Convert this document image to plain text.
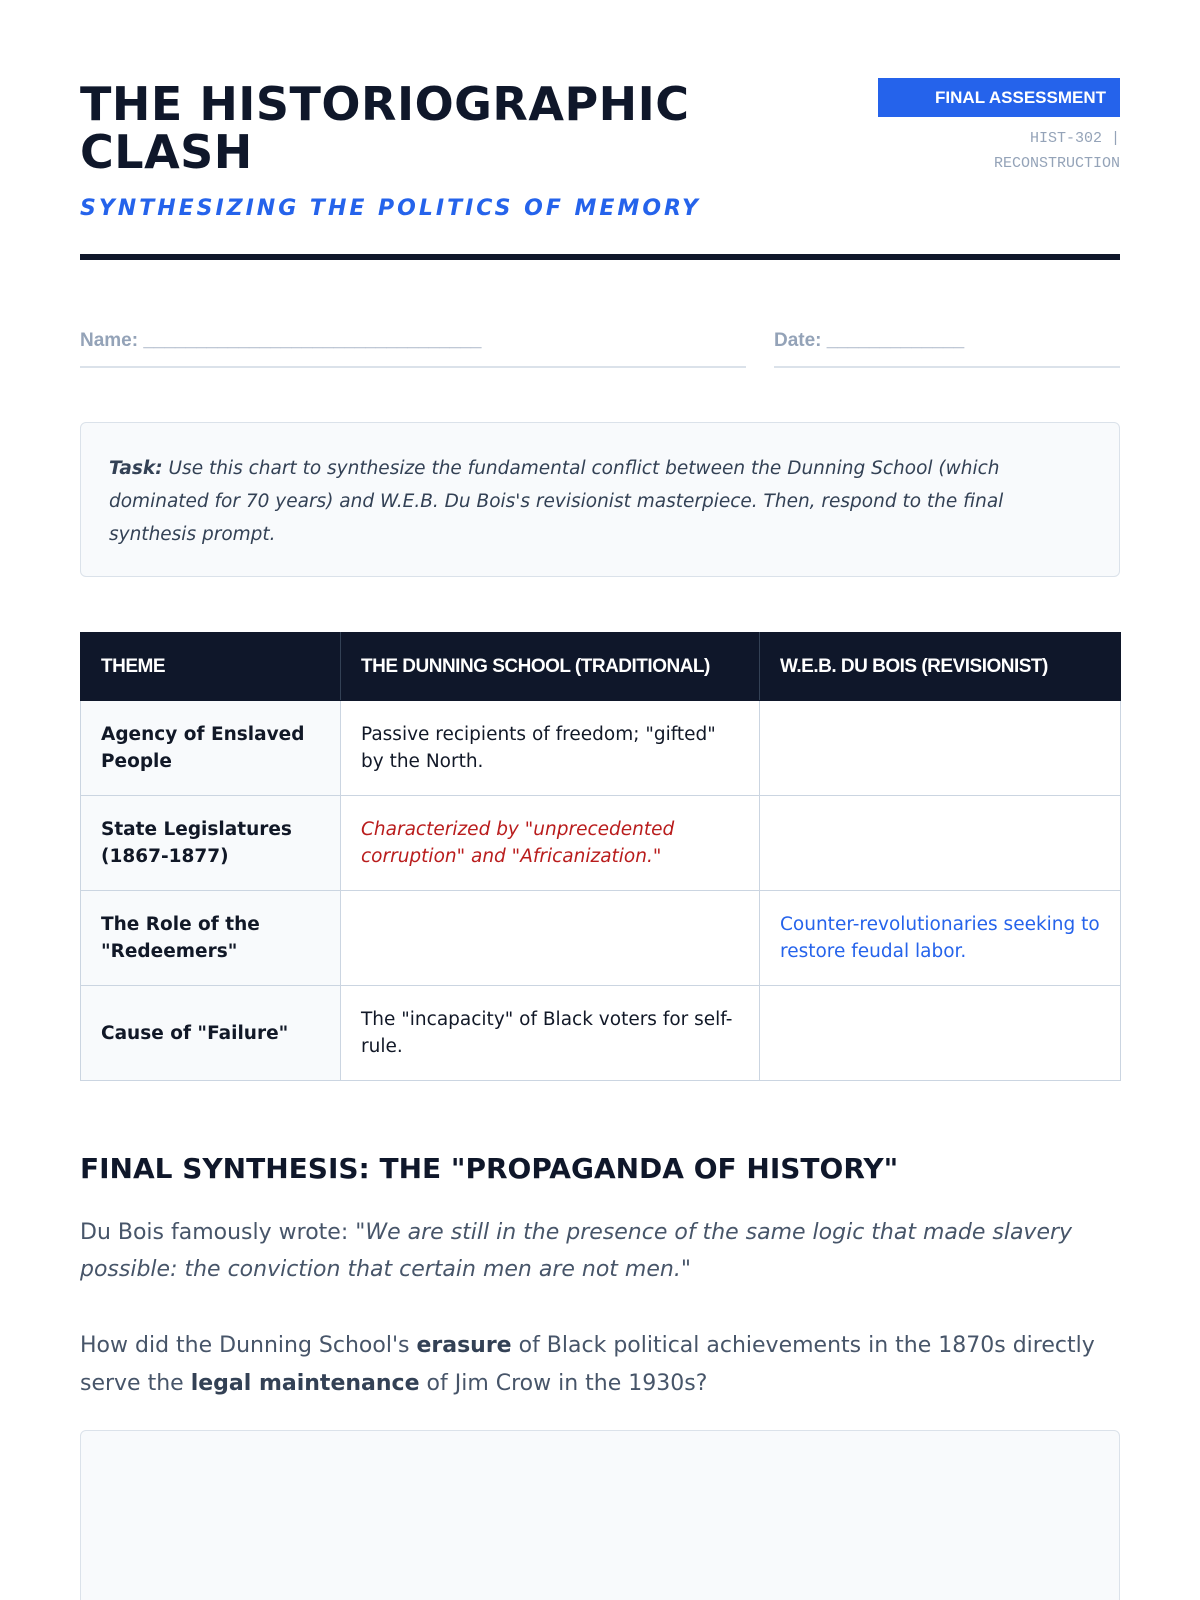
THE HISTORIOGRAPHIC
CLASH
SYNTHESIZING THE POLITICS OF MEMORY
FINAL ASSESSMENT
HIST-302 |
RECONSTRUCTION
Name: ________________________________	Date: _____________
Task: Use this chart to synthesize the fundamental conflict between the Dunning School (which dominated for 70 years) and W.E.B. Du Bois's revisionist masterpiece. Then, respond to the final synthesis prompt.
THEME	THE DUNNING SCHOOL (TRADITIONAL)	W.E.B. DU BOIS (REVISIONIST)
Agency of Enslaved People	Passive recipients of freedom; "gifted" by the North.	
State Legislatures (1867-1877)	Characterized by "unprecedented corruption" and "Africanization."	
The Role of the "Redeemers"		Counter-revolutionaries seeking to restore feudal labor.
Cause of "Failure"	The "incapacity" of Black voters for self-rule.	
FINAL SYNTHESIS: THE "PROPAGANDA OF HISTORY"

Du Bois famously wrote: "We are still in the presence of the same logic that made slavery possible: the conviction that certain men are not men."

How did the Dunning School's erasure of Black political achievements in the 1870s directly serve the legal maintenance of Jim Crow in the 1930s?
